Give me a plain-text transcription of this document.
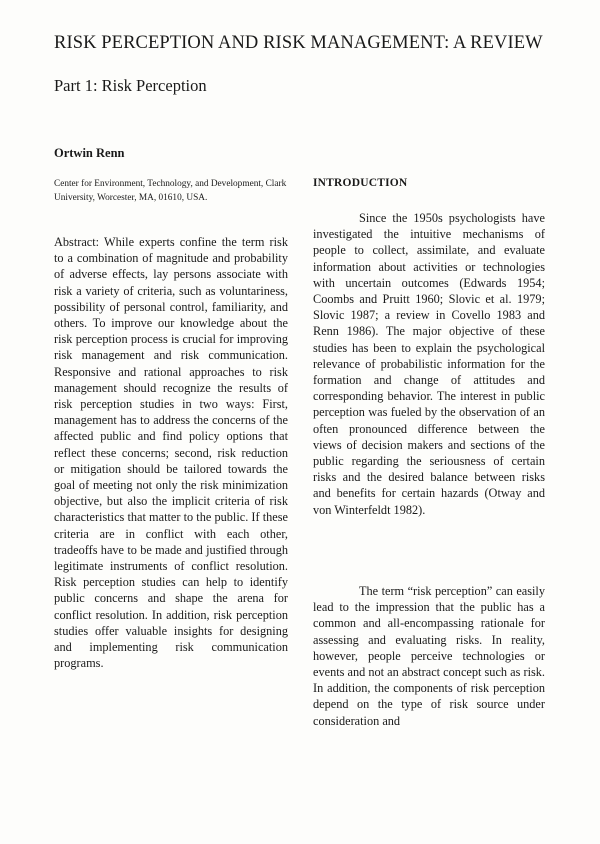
RISK PERCEPTION AND RISK MANAGEMENT: A REVIEW
Part 1: Risk Perception
Ortwin Renn
Center for Environment, Technology, and Development, Clark University, Worcester, MA, 01610, USA.
Abstract: While experts confine the term risk to a combination of magnitude and probability of adverse effects, lay persons associate with risk a variety of criteria, such as voluntariness, possibility of personal control, familiarity, and others. To improve our knowledge about the risk perception process is crucial for improving risk management and risk communication. Responsive and rational approaches to risk management should recognize the results of risk perception studies in two ways: First, management has to address the concerns of the affected public and find policy options that reflect these concerns; second, risk reduction or mitigation should be tailored towards the goal of meeting not only the risk minimization objective, but also the implicit criteria of risk characteristics that matter to the public. If these criteria are in conflict with each other, tradeoffs have to be made and justified through legitimate instruments of conflict resolution. Risk perception studies can help to identify public concerns and shape the arena for conflict resolution. In addition, risk perception studies offer valuable insights for designing and implementing risk communication programs.
INTRODUCTION
Since the 1950s psychologists have investigated the intuitive mechanisms of people to collect, assimilate, and evaluate information about activities or technologies with uncertain outcomes (Edwards 1954; Coombs and Pruitt 1960; Slovic et al. 1979; Slovic 1987; a review in Covello 1983 and Renn 1986). The major objective of these studies has been to explain the psychological relevance of probabilistic information for the formation and change of attitudes and corresponding behavior. The interest in public perception was fueled by the observation of an often pronounced difference between the views of decision makers and sections of the public regarding the seriousness of certain risks and the desired balance between risks and benefits for certain hazards (Otway and von Winterfeldt 1982).
The term “risk perception” can easily lead to the impression that the public has a common and all-encompassing rationale for assessing and evaluating risks. In reality, however, people perceive technologies or events and not an abstract concept such as risk. In addition, the components of risk perception depend on the type of risk source under consideration and
